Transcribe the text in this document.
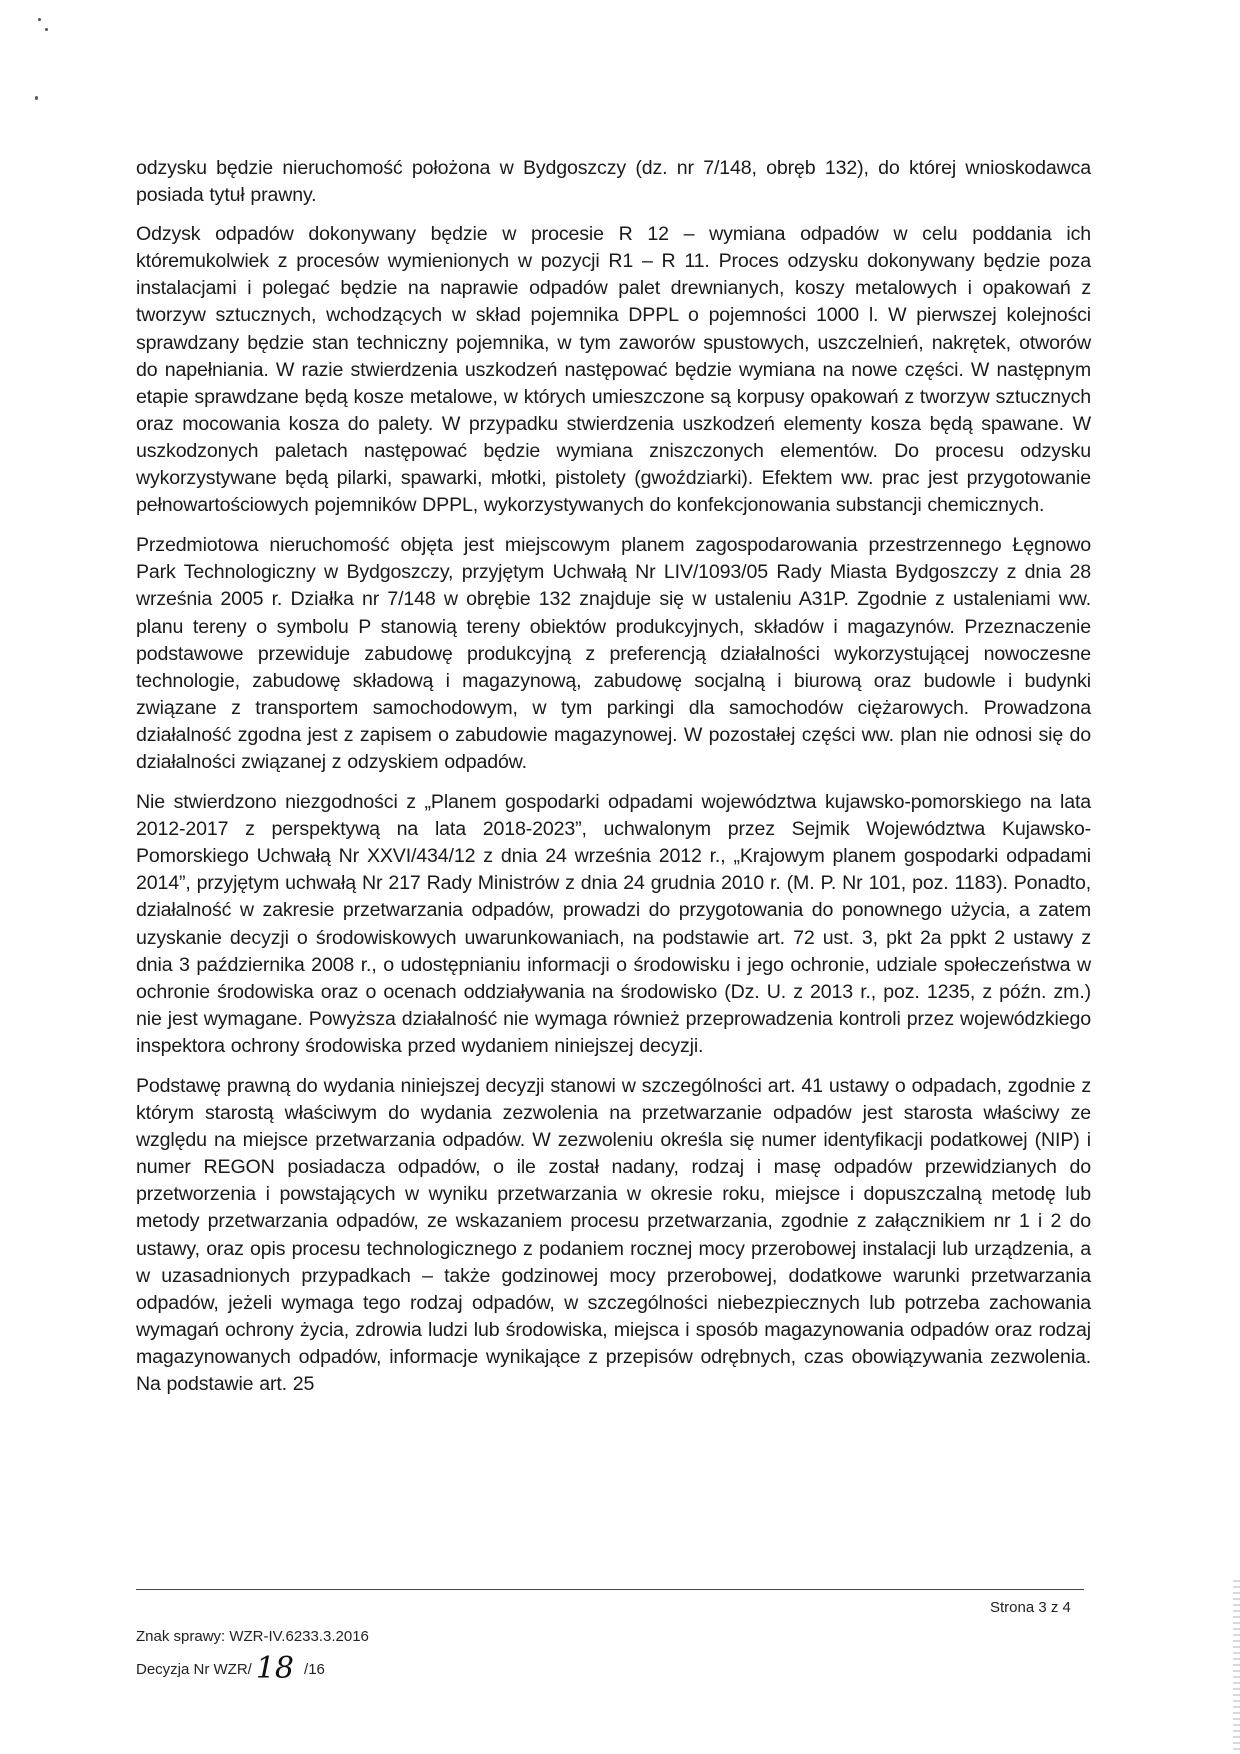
odzysku będzie nieruchomość położona w Bydgoszczy (dz. nr 7/148, obręb 132), do której wnioskodawca posiada tytuł prawny.

Odzysk odpadów dokonywany będzie w procesie R 12 – wymiana odpadów w celu poddania ich któremukolwiek z procesów wymienionych w pozycji R1 – R 11. Proces odzysku dokonywany będzie poza instalacjami i polegać będzie na naprawie odpadów palet drewnianych, koszy metalowych i opakowań z tworzyw sztucznych, wchodzących w skład pojemnika DPPL o pojemności 1000 l. W pierwszej kolejności sprawdzany będzie stan techniczny pojemnika, w tym zaworów spustowych, uszczelnień, nakrętek, otworów do napełniania. W razie stwierdzenia uszkodzeń następować będzie wymiana na nowe części. W następnym etapie sprawdzane będą kosze metalowe, w których umieszczone są korpusy opakowań z tworzyw sztucznych oraz mocowania kosza do palety. W przypadku stwierdzenia uszkodzeń elementy kosza będą spawane. W uszkodzonych paletach następować będzie wymiana zniszczonych elementów. Do procesu odzysku wykorzystywane będą pilarki, spawarki, młotki, pistolety (gwoździarki). Efektem ww. prac jest przygotowanie pełnowartościowych pojemników DPPL, wykorzystywanych do konfekcjonowania substancji chemicznych.

Przedmiotowa nieruchomość objęta jest miejscowym planem zagospodarowania przestrzennego Łęgnowo Park Technologiczny w Bydgoszczy, przyjętym Uchwałą Nr LIV/1093/05 Rady Miasta Bydgoszczy z dnia 28 września 2005 r. Działka nr 7/148 w obrębie 132 znajduje się w ustaleniu A31P. Zgodnie z ustaleniami ww. planu tereny o symbolu P stanowią tereny obiektów produkcyjnych, składów i magazynów. Przeznaczenie podstawowe przewiduje zabudowę produkcyjną z preferencją działalności wykorzystującej nowoczesne technologie, zabudowę składową i magazynową, zabudowę socjalną i biurową oraz budowle i budynki związane z transportem samochodowym, w tym parkingi dla samochodów ciężarowych. Prowadzona działalność zgodna jest z zapisem o zabudowie magazynowej. W pozostałej części ww. plan nie odnosi się do działalności związanej z odzyskiem odpadów.

Nie stwierdzono niezgodności z „Planem gospodarki odpadami województwa kujawsko-pomorskiego na lata 2012-2017 z perspektywą na lata 2018-2023”, uchwalonym przez Sejmik Województwa Kujawsko-Pomorskiego Uchwałą Nr XXVI/434/12 z dnia 24 września 2012 r., „Krajowym planem gospodarki odpadami 2014”, przyjętym uchwałą Nr 217 Rady Ministrów z dnia 24 grudnia 2010 r. (M. P. Nr 101, poz. 1183). Ponadto, działalność w zakresie przetwarzania odpadów, prowadzi do przygotowania do ponownego użycia, a zatem uzyskanie decyzji o środowiskowych uwarunkowaniach, na podstawie art. 72 ust. 3, pkt 2a ppkt 2 ustawy z dnia 3 października 2008 r., o udostępnianiu informacji o środowisku i jego ochronie, udziale społeczeństwa w ochronie środowiska oraz o ocenach oddziaływania na środowisko (Dz. U. z 2013 r., poz. 1235, z późn. zm.) nie jest wymagane. Powyższa działalność nie wymaga również przeprowadzenia kontroli przez wojewódzkiego inspektora ochrony środowiska przed wydaniem niniejszej decyzji.

Podstawę prawną do wydania niniejszej decyzji stanowi w szczególności art. 41 ustawy o odpadach, zgodnie z którym starostą właściwym do wydania zezwolenia na przetwarzanie odpadów jest starosta właściwy ze względu na miejsce przetwarzania odpadów. W zezwoleniu określa się numer identyfikacji podatkowej (NIP) i numer REGON posiadacza odpadów, o ile został nadany, rodzaj i masę odpadów przewidzianych do przetworzenia i powstających w wyniku przetwarzania w okresie roku, miejsce i dopuszczalną metodę lub metody przetwarzania odpadów, ze wskazaniem procesu przetwarzania, zgodnie z załącznikiem nr 1 i 2 do ustawy, oraz opis procesu technologicznego z podaniem rocznej mocy przerobowej instalacji lub urządzenia, a w uzasadnionych przypadkach – także godzinowej mocy przerobowej, dodatkowe warunki przetwarzania odpadów, jeżeli wymaga tego rodzaj odpadów, w szczególności niebezpiecznych lub potrzeba zachowania wymagań ochrony życia, zdrowia ludzi lub środowiska, miejsca i sposób magazynowania odpadów oraz rodzaj magazynowanych odpadów, informacje wynikające z przepisów odrębnych, czas obowiązywania zezwolenia. Na podstawie art. 25

Strona 3 z 4
Znak sprawy: WZR-IV.6233.3.2016
Decyzja Nr WZR/ 18 /16
